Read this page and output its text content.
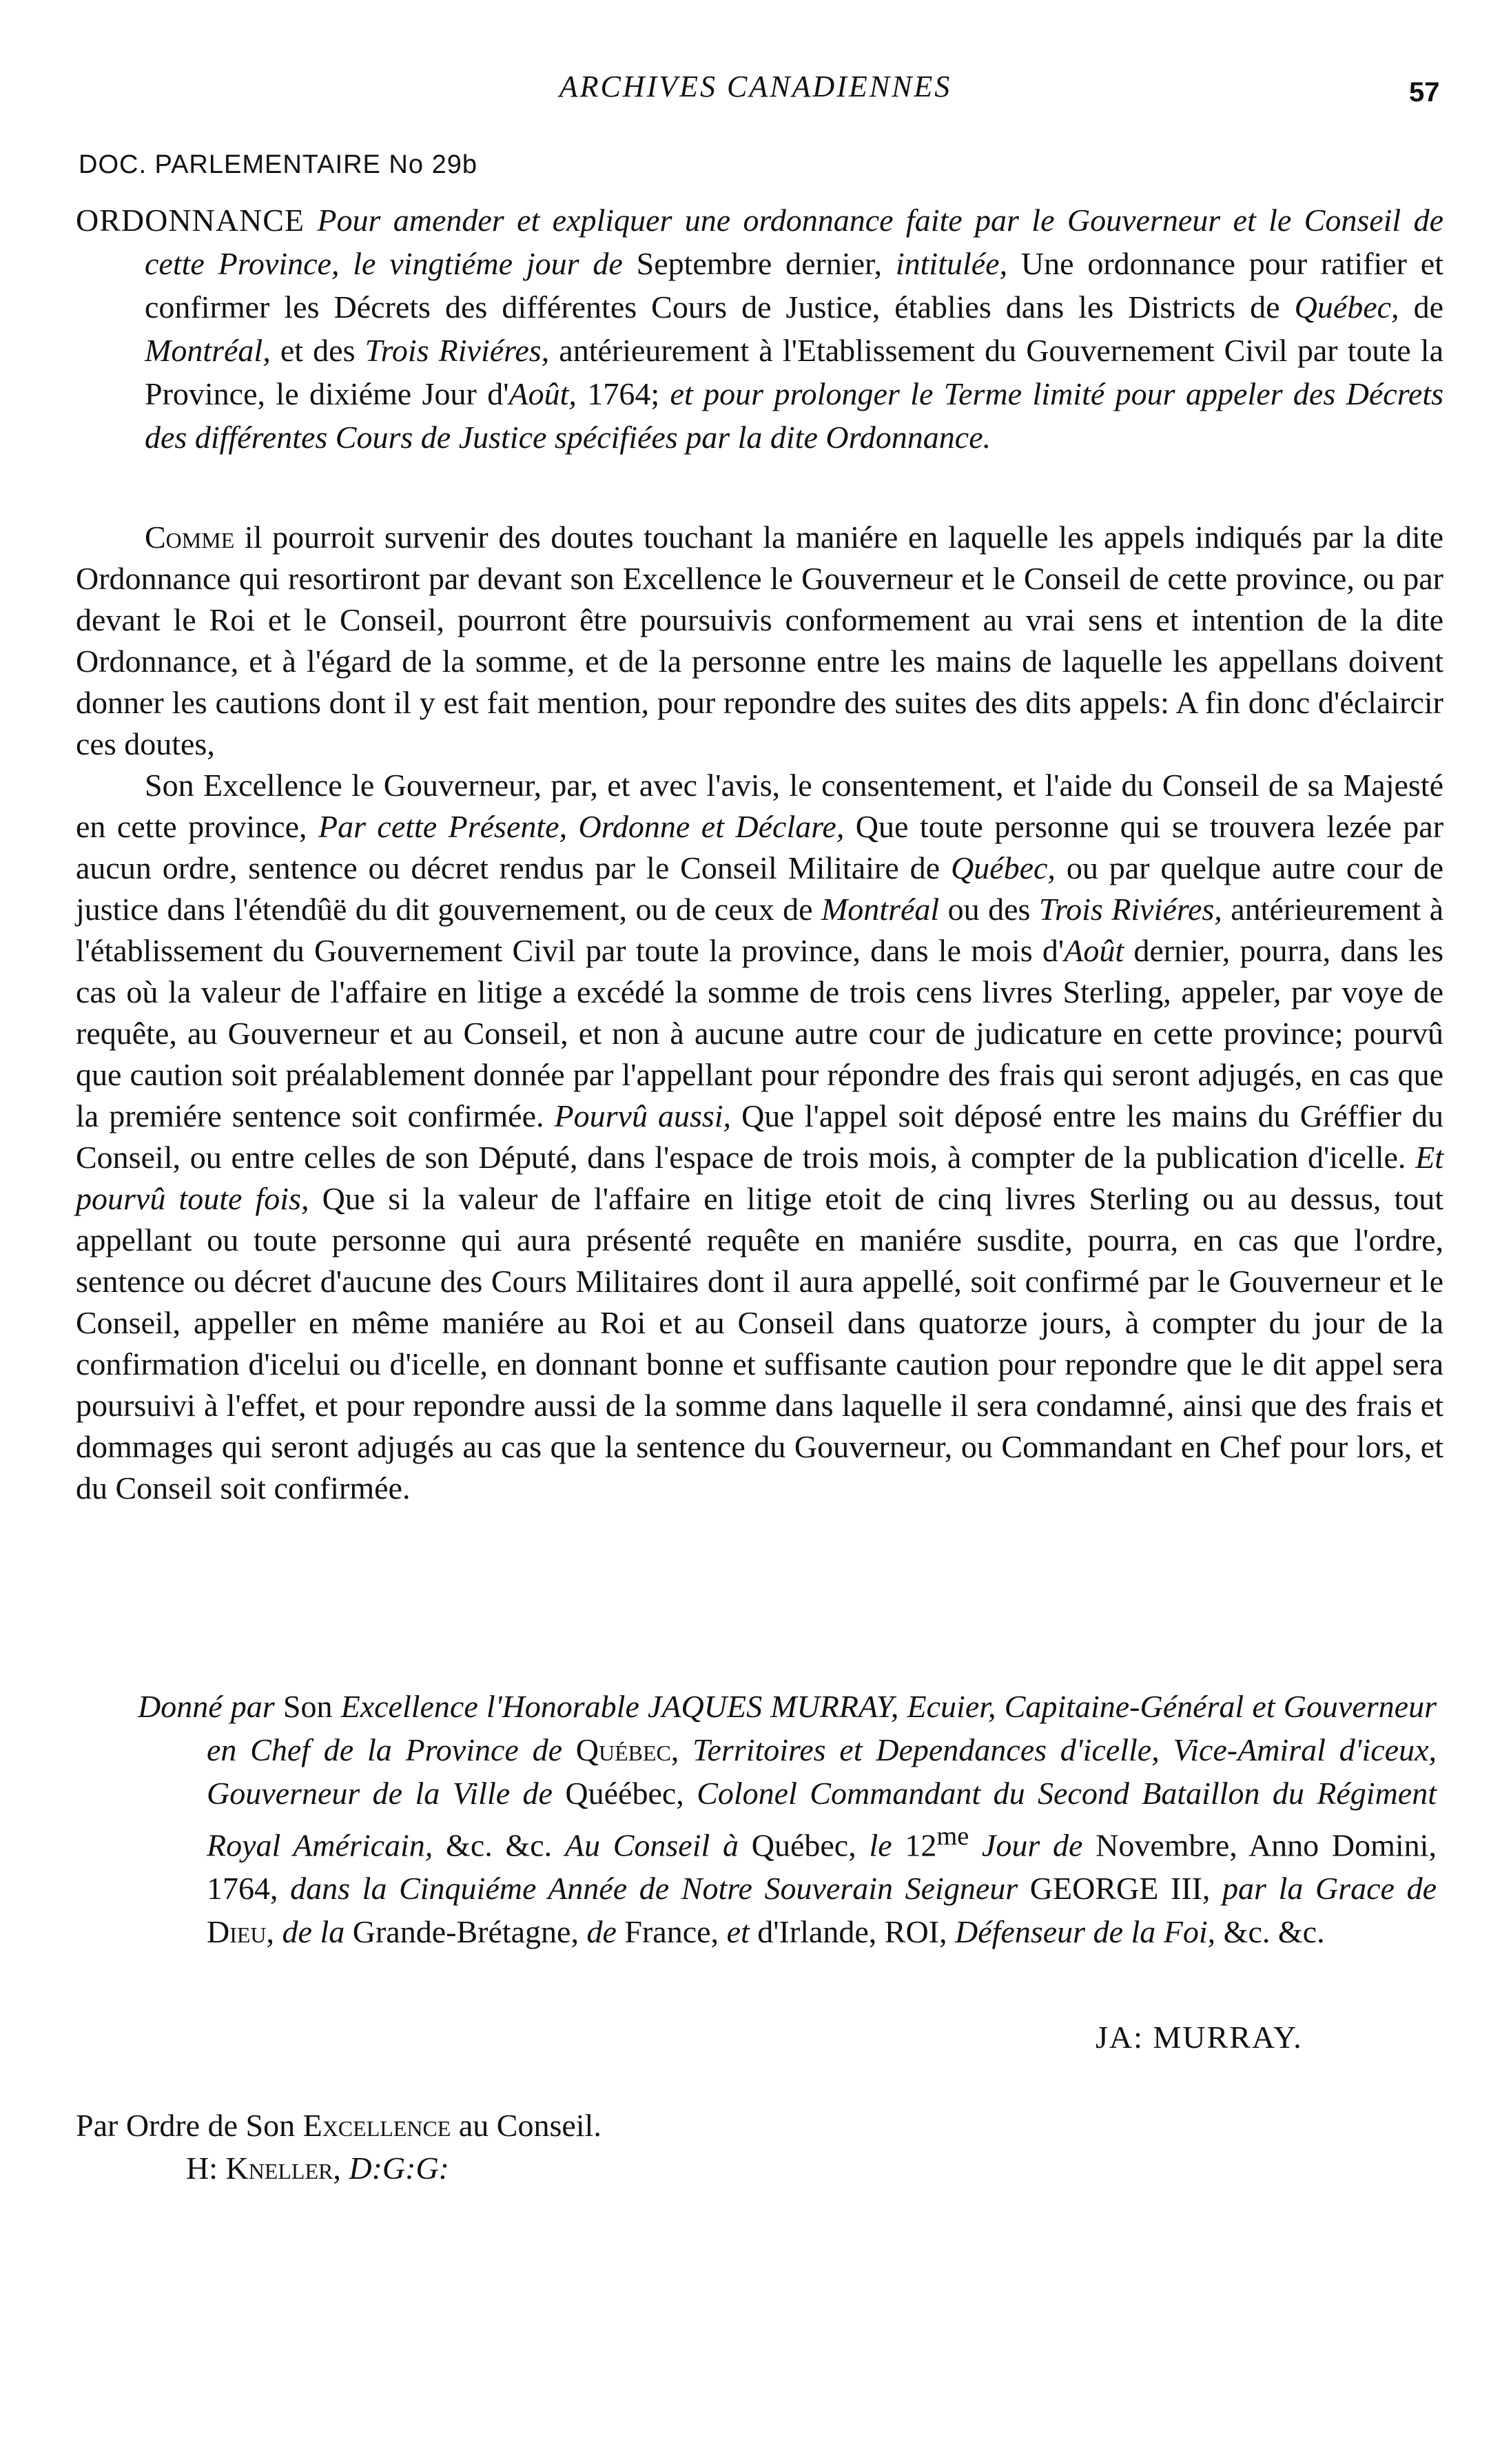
ARCHIVES CANADIENNES	57
DOC. PARLEMENTAIRE No 29b
ORDONNANCE Pour amender et expliquer une ordonnance faite par le Gouverneur et le Conseil de cette Province, le vingtiéme jour de Septembre dernier, intitulée, Une ordonnance pour ratifier et confirmer les Décrets des différentes Cours de Justice, établies dans les Districts de Québec, de Montréal, et des Trois Riviéres, antérieurement à l'Etablissement du Gouvernement Civil par toute la Province, le dixiéme Jour d'Août, 1764; et pour prolonger le Terme limité pour appeler des Décrets des différentes Cours de Justice spécifiées par la dite Ordonnance.

Comme il pourroit survenir des doutes touchant la maniére en laquelle les appels indiqués par la dite Ordonnance qui resortiront par devant son Excellence le Gouverneur et le Conseil de cette province, ou par devant le Roi et le Conseil, pourront être poursuivis conformement au vrai sens et intention de la dite Ordonnance, et à l'égard de la somme, et de la personne entre les mains de laquelle les appellans doivent donner les cautions dont il y est fait mention, pour repondre des suites des dits appels: A fin donc d'éclaircir ces doutes,

Son Excellence le Gouverneur, par, et avec l'avis, le consentement, et l'aide du Conseil de sa Majesté en cette province, Par cette Présente, Ordonne et Déclare, Que toute personne qui se trouvera lezée par aucun ordre, sentence ou décret rendus par le Conseil Militaire de Québec, ou par quelque autre cour de justice dans l'étendûë du dit gouvernement, ou de ceux de Montréal ou des Trois Riviéres, antérieurement à l'établissement du Gouvernement Civil par toute la province, dans le mois d'Août dernier, pourra, dans les cas où la valeur de l'affaire en litige a excédé la somme de trois cens livres Sterling, appeler, par voye de requête, au Gouverneur et au Conseil, et non à aucune autre cour de judicature en cette province; pourvû que caution soit préalablement donnée par l'appellant pour répondre des frais qui seront adjugés, en cas que la premiére sentence soit confirmée. Pourvû aussi, Que l'appel soit déposé entre les mains du Gréffier du Conseil, ou entre celles de son Député, dans l'espace de trois mois, à compter de la publication d'icelle. Et pourvû toute fois, Que si la valeur de l'affaire en litige etoit de cinq livres Sterling ou au dessus, tout appellant ou toute personne qui aura présenté requête en maniére susdite, pourra, en cas que l'ordre, sentence ou décret d'aucune des Cours Militaires dont il aura appellé, soit confirmé par le Gouverneur et le Conseil, appeller en même maniére au Roi et au Conseil dans quatorze jours, à compter du jour de la confirmation d'icelui ou d'icelle, en donnant bonne et suffisante caution pour repondre que le dit appel sera poursuivi à l'effet, et pour repondre aussi de la somme dans laquelle il sera condamné, ainsi que des frais et dommages qui seront adjugés au cas que la sentence du Gouverneur, ou Commandant en Chef pour lors, et du Conseil soit confirmée.

Donné par Son Excellence l'Honorable JAQUES MURRAY, Ecuier, Capitaine-Général et Gouverneur en Chef de la Province de Québec, Territoires et Dependances d'icelle, Vice-Amiral d'iceux, Gouverneur de la Ville de Quéébec, Colonel Commandant du Second Bataillon du Régiment Royal Américain, &c. &c. Au Conseil à Québec, le $12^{me}$ Jour de Novembre, Anno Domini, 1764, dans la Cinquiéme Année de Notre Souverain Seigneur GEORGE III, par la Grace de Dieu, de la Grande-Brétagne, de France, et d'Irlande, ROI, Défenseur de la Foi, &c. &c.

JA: MURRAY.
Par Ordre de Son Excellence au Conseil.
H: Kneller, D:G:G:
